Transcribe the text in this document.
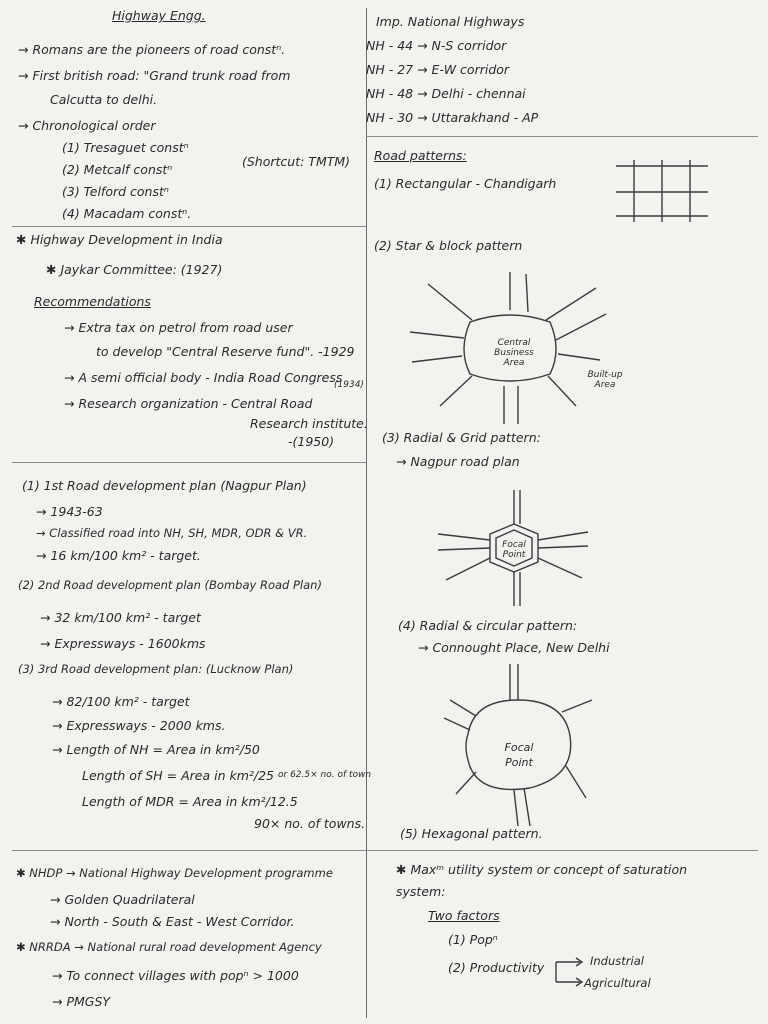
Highway Engg.
→ Romans are the pioneers of road constⁿ.
→ First british road: "Grand trunk road from
Calcutta to delhi.
→ Chronological order
(1) Tresaguet constⁿ
(2) Metcalf constⁿ
(3) Telford constⁿ
(4) Macadam constⁿ.
(Shortcut: TMTM)
✱ Highway Development in India
✱ Jaykar Committee: (1927)
Recommendations
→ Extra tax on petrol from road user
to develop "Central Reserve fund". -1929
→ A semi official body - India Road Congress
(1934)
→ Research organization - Central Road
Research institute.
-(1950)
(1) 1st Road development plan (Nagpur Plan)
→ 1943-63
→ Classified road into NH, SH, MDR, ODR & VR.
→ 16 km/100 km² - target.
(2) 2nd Road development plan (Bombay Road Plan)
→ 32 km/100 km² - target
→ Expressways - 1600kms
(3) 3rd Road development plan: (Lucknow Plan)
→ 82/100 km² - target
→ Expressways - 2000 kms.
→ Length of NH = Area in km²/50
Length of SH = Area in km²/25
Length of MDR = Area in km²/12.5
or 62.5× no. of town
90× no. of towns.
✱ NHDP → National Highway Development programme
→ Golden Quadrilateral
→ North - South & East - West Corridor.
✱ NRRDA → National rural road development Agency
→ To connect villages with popⁿ > 1000
→ PMGSY
Imp. National Highways
NH - 44 → N-S corridor
NH - 27 → E-W corridor
NH - 48 → Delhi - chennai
NH - 30 → Uttarakhand - AP
Road patterns:
(1) Rectangular - Chandigarh
(2) Star & block pattern
(3) Radial & Grid pattern:
→ Nagpur road plan
(4) Radial & circular pattern:
→ Connought Place, New Delhi
(5) Hexagonal pattern.
Central Business Area
Built-up Area
Focal Point
Focal Point
✱ Maxᵐ utility system or concept of saturation
system:
Two factors
(1) Popⁿ
(2) Productivity	Industrial
Agricultural
